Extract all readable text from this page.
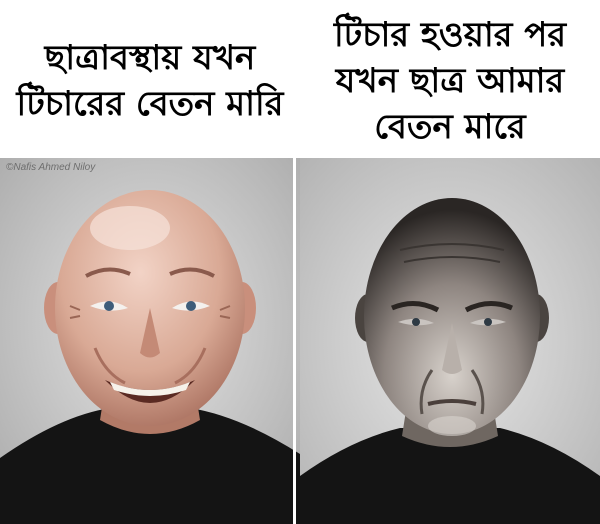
ছাত্রাবস্থায় যখন টিচারের বেতন মারি
টিচার হওয়ার পর যখন ছাত্র আমার বেতন মারে
©Nafis Ahmed Niloy
